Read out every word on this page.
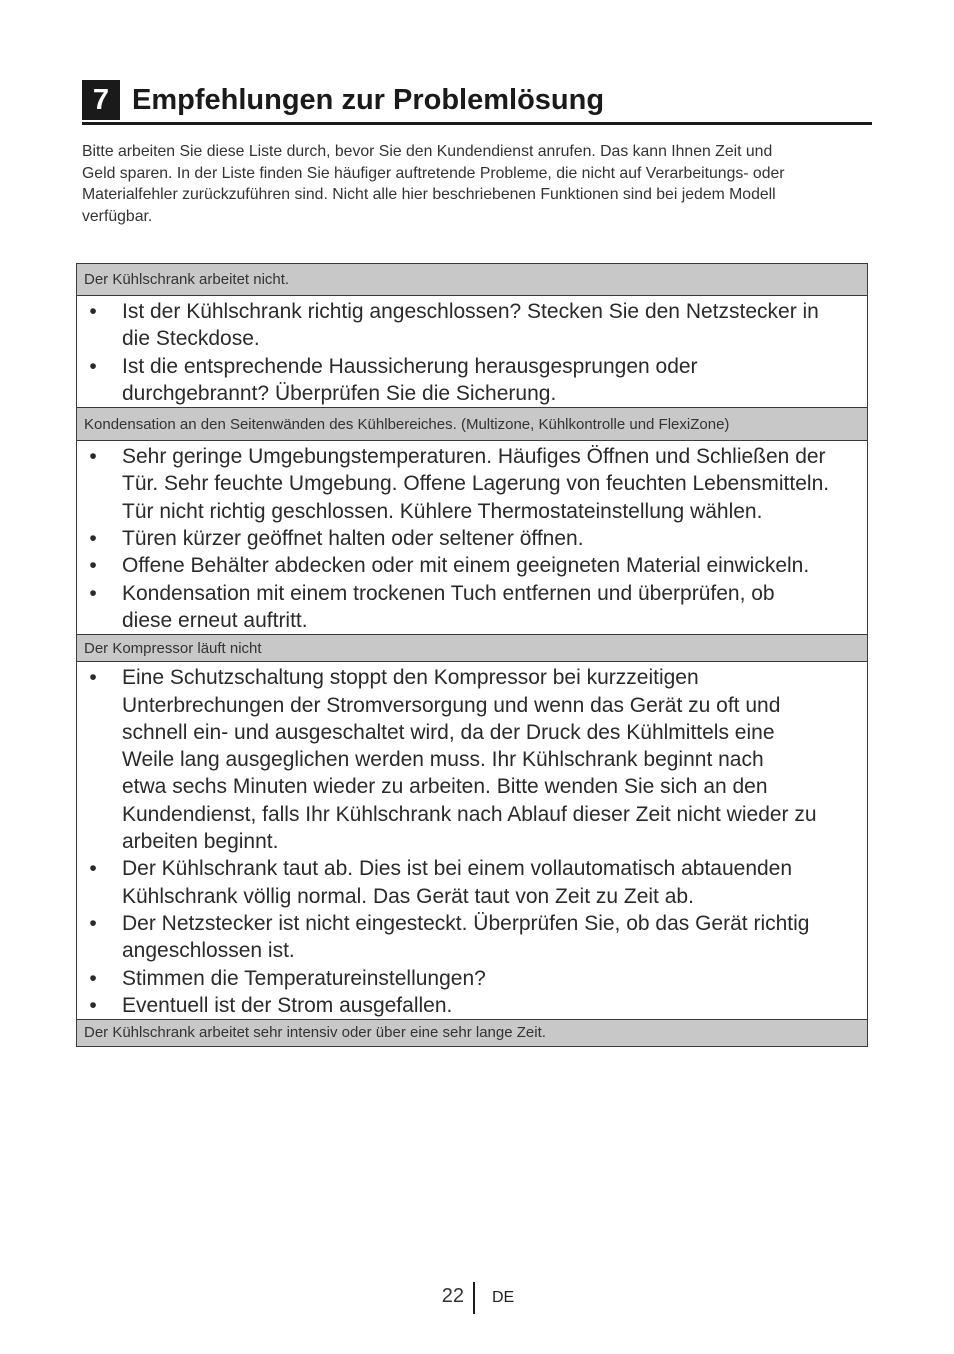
7 Empfehlungen zur Problemlösung
Bitte arbeiten Sie diese Liste durch, bevor Sie den Kundendienst anrufen. Das kann Ihnen Zeit und
Geld sparen. In der Liste finden Sie häufiger auftretende Probleme, die nicht auf Verarbeitungs- oder
Materialfehler zurückzuführen sind. Nicht alle hier beschriebenen Funktionen sind bei jedem Modell
verfügbar.
Der Kühlschrank arbeitet nicht.
• Ist der Kühlschrank richtig angeschlossen? Stecken Sie den Netzstecker in
die Steckdose.
• Ist die entsprechende Haussicherung herausgesprungen oder
durchgebrannt? Überprüfen Sie die Sicherung.
Kondensation an den Seitenwänden des Kühlbereiches. (Multizone, Kühlkontrolle und FlexiZone)
• Sehr geringe Umgebungstemperaturen. Häufiges Öffnen und Schließen der
Tür. Sehr feuchte Umgebung. Offene Lagerung von feuchten Lebensmitteln.
Tür nicht richtig geschlossen. Kühlere Thermostateinstellung wählen.
• Türen kürzer geöffnet halten oder seltener öffnen.
• Offene Behälter abdecken oder mit einem geeigneten Material einwickeln.
• Kondensation mit einem trockenen Tuch entfernen und überprüfen, ob
diese erneut auftritt.
Der Kompressor läuft nicht
• Eine Schutzschaltung stoppt den Kompressor bei kurzzeitigen
Unterbrechungen der Stromversorgung und wenn das Gerät zu oft und
schnell ein- und ausgeschaltet wird, da der Druck des Kühlmittels eine
Weile lang ausgeglichen werden muss. Ihr Kühlschrank beginnt nach
etwa sechs Minuten wieder zu arbeiten. Bitte wenden Sie sich an den
Kundendienst, falls Ihr Kühlschrank nach Ablauf dieser Zeit nicht wieder zu
arbeiten beginnt.
• Der Kühlschrank taut ab. Dies ist bei einem vollautomatisch abtauenden
Kühlschrank völlig normal. Das Gerät taut von Zeit zu Zeit ab.
• Der Netzstecker ist nicht eingesteckt. Überprüfen Sie, ob das Gerät richtig
angeschlossen ist.
• Stimmen die Temperatureinstellungen?
• Eventuell ist der Strom ausgefallen.
Der Kühlschrank arbeitet sehr intensiv oder über eine sehr lange Zeit.
22 DE
